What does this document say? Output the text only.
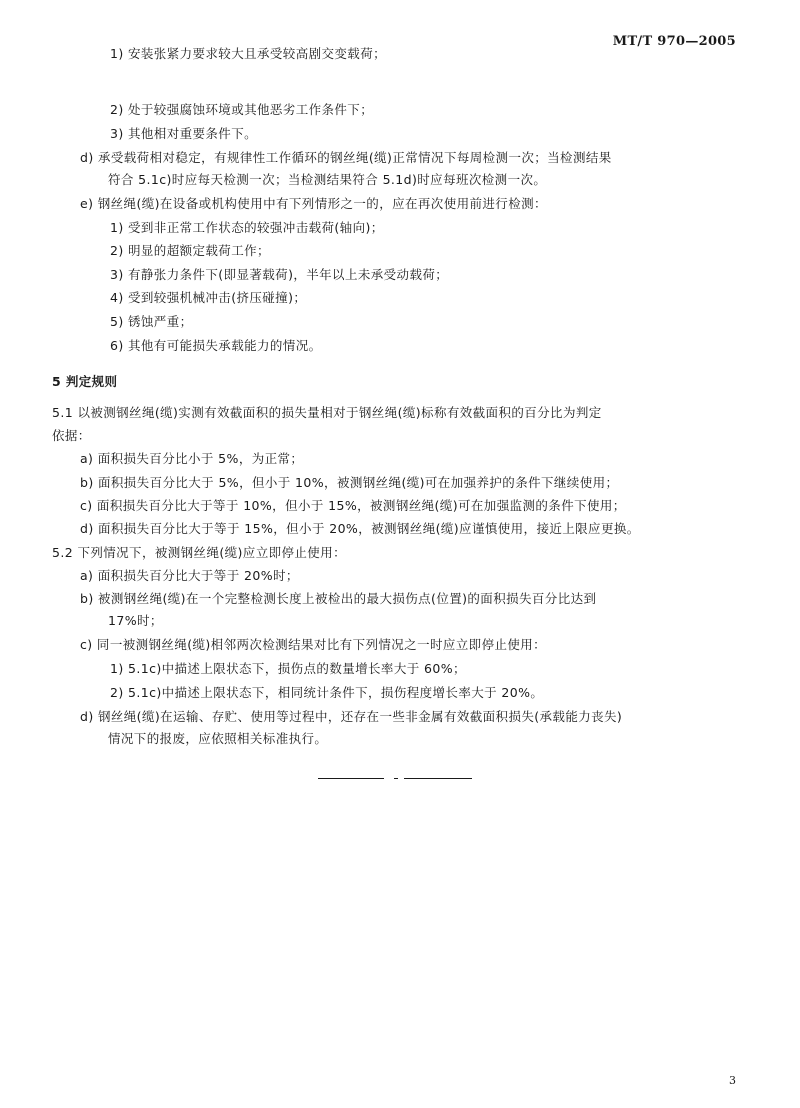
MT/T 970—2005
1) 安装张紧力要求较大且承受较高剧交变载荷；
2) 处于较强腐蚀环境或其他恶劣工作条件下；
3) 其他相对重要条件下。
d) 承受载荷相对稳定，有规律性工作循环的钢丝绳(缆)正常情况下每周检测一次；当检测结果
符合 5.1c)时应每天检测一次；当检测结果符合 5.1d)时应每班次检测一次。
e) 钢丝绳(缆)在设备或机构使用中有下列情形之一的，应在再次使用前进行检测：
1) 受到非正常工作状态的较强冲击载荷(轴向)；
2) 明显的超额定载荷工作；
3) 有静张力条件下(即显著载荷)，半年以上未承受动载荷；
4) 受到较强机械冲击(挤压碰撞)；
5) 锈蚀严重；
6) 其他有可能损失承载能力的情况。
5 判定规则
5.1 以被测钢丝绳(缆)实测有效截面积的损失量相对于钢丝绳(缆)标称有效截面积的百分比为判定
依据：
a) 面积损失百分比小于 5%，为正常；
b) 面积损失百分比大于 5%，但小于 10%，被测钢丝绳(缆)可在加强养护的条件下继续使用；
c) 面积损失百分比大于等于 10%，但小于 15%，被测钢丝绳(缆)可在加强监测的条件下使用；
d) 面积损失百分比大于等于 15%，但小于 20%，被测钢丝绳(缆)应谨慎使用，接近上限应更换。
5.2 下列情况下，被测钢丝绳(缆)应立即停止使用：
a) 面积损失百分比大于等于 20%时；
b) 被测钢丝绳(缆)在一个完整检测长度上被检出的最大损伤点(位置)的面积损失百分比达到
17%时；
c) 同一被测钢丝绳(缆)相邻两次检测结果对比有下列情况之一时应立即停止使用：
1) 5.1c)中描述上限状态下，损伤点的数量增长率大于 60%；
2) 5.1c)中描述上限状态下，相同统计条件下，损伤程度增长率大于 20%。
d) 钢丝绳(缆)在运输、存贮、使用等过程中，还存在一些非金属有效截面积损失(承载能力丧失)
情况下的报废，应依照相关标准执行。
3
